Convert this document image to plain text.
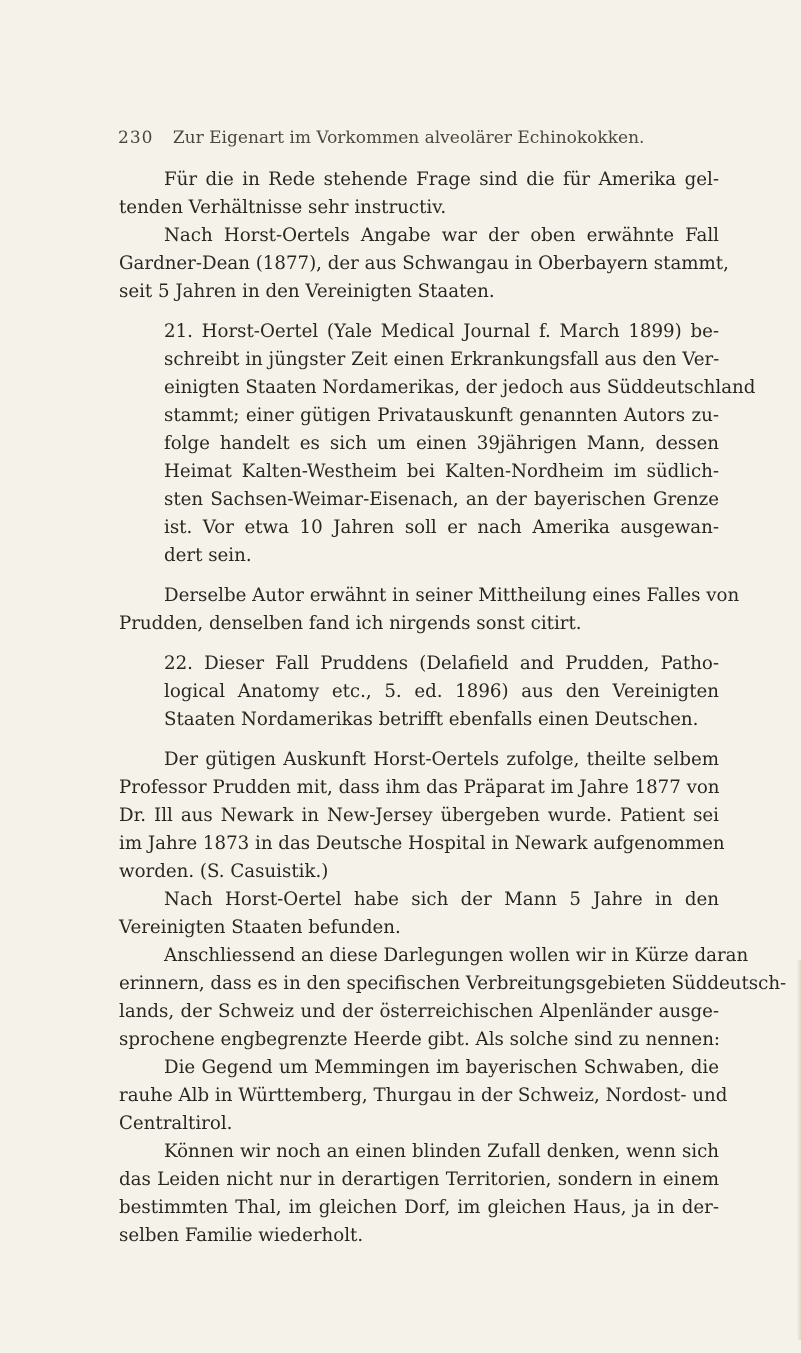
230 Zur Eigenart im Vorkommen alveolärer Echinokokken.
Für die in Rede stehende Frage sind die für Amerika gel-
tenden Verhältnisse sehr instructiv.
Nach Horst-Oertels Angabe war der oben erwähnte Fall
Gardner-Dean (1877), der aus Schwangau in Oberbayern stammt,
seit 5 Jahren in den Vereinigten Staaten.
21. Horst-Oertel (Yale Medical Journal f. March 1899) be-
schreibt in jüngster Zeit einen Erkrankungsfall aus den Ver-
einigten Staaten Nordamerikas, der jedoch aus Süddeutschland
stammt; einer gütigen Privatauskunft genannten Autors zu-
folge handelt es sich um einen 39jährigen Mann, dessen
Heimat Kalten-Westheim bei Kalten-Nordheim im südlich-
sten Sachsen-Weimar-Eisenach, an der bayerischen Grenze
ist. Vor etwa 10 Jahren soll er nach Amerika ausgewan-
dert sein.
Derselbe Autor erwähnt in seiner Mittheilung eines Falles von
Prudden, denselben fand ich nirgends sonst citirt.
22. Dieser Fall Pruddens (Delafield and Prudden, Patho-
logical Anatomy etc., 5. ed. 1896) aus den Vereinigten
Staaten Nordamerikas betrifft ebenfalls einen Deutschen.
Der gütigen Auskunft Horst-Oertels zufolge, theilte selbem
Professor Prudden mit, dass ihm das Präparat im Jahre 1877 von
Dr. Ill aus Newark in New-Jersey übergeben wurde. Patient sei
im Jahre 1873 in das Deutsche Hospital in Newark aufgenommen
worden. (S. Casuistik.)
Nach Horst-Oertel habe sich der Mann 5 Jahre in den
Vereinigten Staaten befunden.
Anschliessend an diese Darlegungen wollen wir in Kürze daran
erinnern, dass es in den specifischen Verbreitungsgebieten Süddeutsch-
lands, der Schweiz und der österreichischen Alpenländer ausge-
sprochene engbegrenzte Heerde gibt. Als solche sind zu nennen:
Die Gegend um Memmingen im bayerischen Schwaben, die
rauhe Alb in Württemberg, Thurgau in der Schweiz, Nordost- und
Centraltirol.
Können wir noch an einen blinden Zufall denken, wenn sich
das Leiden nicht nur in derartigen Territorien, sondern in einem
bestimmten Thal, im gleichen Dorf, im gleichen Haus, ja in der-
selben Familie wiederholt.
